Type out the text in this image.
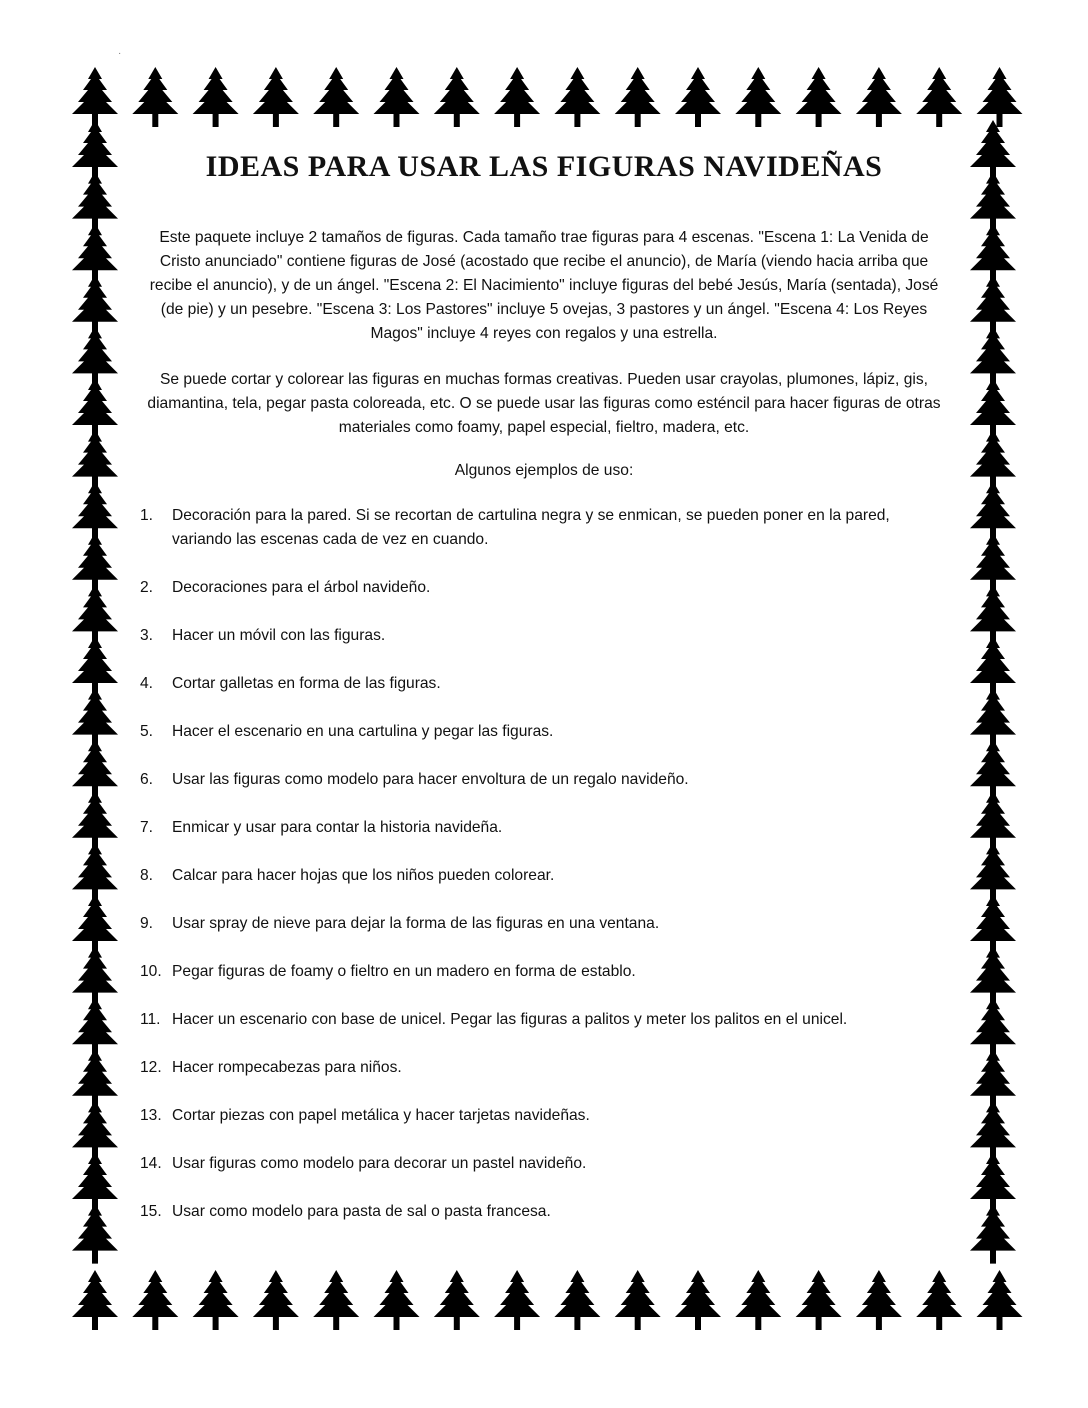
·
IDEAS PARA USAR LAS FIGURAS NAVIDEÑAS

Este paquete incluye 2 tamaños de figuras. Cada tamaño trae figuras para 4 escenas. "Escena 1: La Venida de Cristo anunciado" contiene figuras de José (acostado que recibe el anuncio), de María (viendo hacia arriba que recibe el anuncio), y de un ángel. "Escena 2: El Nacimiento" incluye figuras del bebé Jesús, María (sentada), José (de pie) y un pesebre. "Escena 3: Los Pastores" incluye 5 ovejas, 3 pastores y un ángel. "Escena 4: Los Reyes Magos" incluye 4 reyes con regalos y una estrella.

Se puede cortar y colorear las figuras en muchas formas creativas. Pueden usar crayolas, plumones, lápiz, gis, diamantina, tela, pegar pasta coloreada, etc. O se puede usar las figuras como esténcil para hacer figuras de otras materiales como foamy, papel especial, fieltro, madera, etc.

Algunos ejemplos de uso:

1.	Decoración para la pared. Si se recortan de cartulina negra y se enmican, se pueden poner en la pared, variando las escenas cada de vez en cuando.
2.	Decoraciones para el árbol navideño.
3.	Hacer un móvil con las figuras.
4.	Cortar galletas en forma de las figuras.
5.	Hacer el escenario en una cartulina y pegar las figuras.
6.	Usar las figuras como modelo para hacer envoltura de un regalo navideño.
7.	Enmicar y usar para contar la historia navideña.
8.	Calcar para hacer hojas que los niños pueden colorear.
9.	Usar spray de nieve para dejar la forma de las figuras en una ventana.
10. Pegar figuras de foamy o fieltro en un madero en forma de establo.
11. Hacer un escenario con base de unicel. Pegar las figuras a palitos y meter los palitos en el unicel.
12. Hacer rompecabezas para niños.
13. Cortar piezas con papel metálica y hacer tarjetas navideñas.
14. Usar figuras como modelo para decorar un pastel navideño.
15. Usar como modelo para pasta de sal o pasta francesa.
